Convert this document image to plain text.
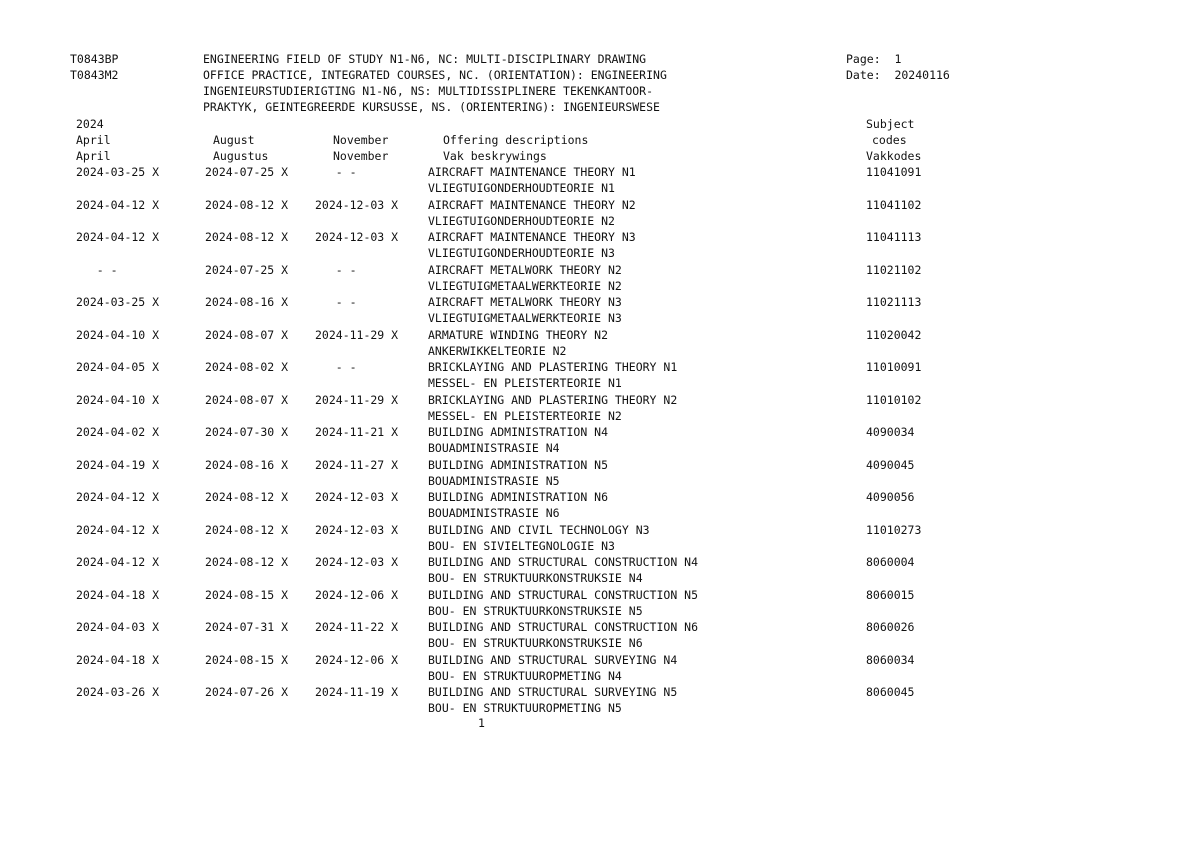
T0843BP
T0843M2
ENGINEERING FIELD OF STUDY N1-N6, NC: MULTI-DISCIPLINARY DRAWING
OFFICE PRACTICE, INTEGRATED COURSES, NC. (ORIENTATION): ENGINEERING
INGENIEURSTUDIERIGTING N1-N6, NS: MULTIDISSIPLINERE TEKENKANTOOR-
PRAKTYK, GEINTEGREERDE KURSUSSE, NS. (ORIENTERING): INGENIEURSWESE
Page:  1
Date:  20240116
2024	Subject
April	August	November	Offering descriptions	codes
April	Augustus	November	Vak beskrywings	Vakkodes
2024-03-25 X	2024-07-25 X - -	AIRCRAFT MAINTENANCE THEORY N1	11041091
VLIEGTUIGONDERHOUDTEORIE N1
2024-04-12 X	2024-08-12 X 2024-12-03 X	AIRCRAFT MAINTENANCE THEORY N2	11041102
VLIEGTUIGONDERHOUDTEORIE N2
2024-04-12 X	2024-08-12 X 2024-12-03 X	AIRCRAFT MAINTENANCE THEORY N3	11041113
VLIEGTUIGONDERHOUDTEORIE N3
- -	2024-07-25 X - -	AIRCRAFT METALWORK THEORY N2	11021102
VLIEGTUIGMETAALWERKTEORIE N2
2024-03-25 X	2024-08-16 X - -	AIRCRAFT METALWORK THEORY N3	11021113
VLIEGTUIGMETAALWERKTEORIE N3
2024-04-10 X	2024-08-07 X 2024-11-29 X	ARMATURE WINDING THEORY N2	11020042
ANKERWIKKELTEORIE N2
2024-04-05 X	2024-08-02 X - -	BRICKLAYING AND PLASTERING THEORY N1	11010091
MESSEL- EN PLEISTERTEORIE N1
2024-04-10 X	2024-08-07 X 2024-11-29 X	BRICKLAYING AND PLASTERING THEORY N2	11010102
MESSEL- EN PLEISTERTEORIE N2
2024-04-02 X	2024-07-30 X 2024-11-21 X	BUILDING ADMINISTRATION N4	4090034
BOUADMINISTRASIE N4
2024-04-19 X	2024-08-16 X 2024-11-27 X	BUILDING ADMINISTRATION N5	4090045
BOUADMINISTRASIE N5
2024-04-12 X	2024-08-12 X 2024-12-03 X	BUILDING ADMINISTRATION N6	4090056
BOUADMINISTRASIE N6
2024-04-12 X	2024-08-12 X 2024-12-03 X	BUILDING AND CIVIL TECHNOLOGY N3	11010273
BOU- EN SIVIELTEGNOLOGIE N3
2024-04-12 X	2024-08-12 X 2024-12-03 X	BUILDING AND STRUCTURAL CONSTRUCTION N4	8060004
BOU- EN STRUKTUURKONSTRUKSIE N4
2024-04-18 X	2024-08-15 X 2024-12-06 X	BUILDING AND STRUCTURAL CONSTRUCTION N5	8060015
BOU- EN STRUKTUURKONSTRUKSIE N5
2024-04-03 X	2024-07-31 X 2024-11-22 X	BUILDING AND STRUCTURAL CONSTRUCTION N6	8060026
BOU- EN STRUKTUURKONSTRUKSIE N6
2024-04-18 X	2024-08-15 X 2024-12-06 X	BUILDING AND STRUCTURAL SURVEYING N4	8060034
BOU- EN STRUKTUUROPMETING N4
2024-03-26 X	2024-07-26 X 2024-11-19 X	BUILDING AND STRUCTURAL SURVEYING N5	8060045
BOU- EN STRUKTUUROPMETING N5
1
